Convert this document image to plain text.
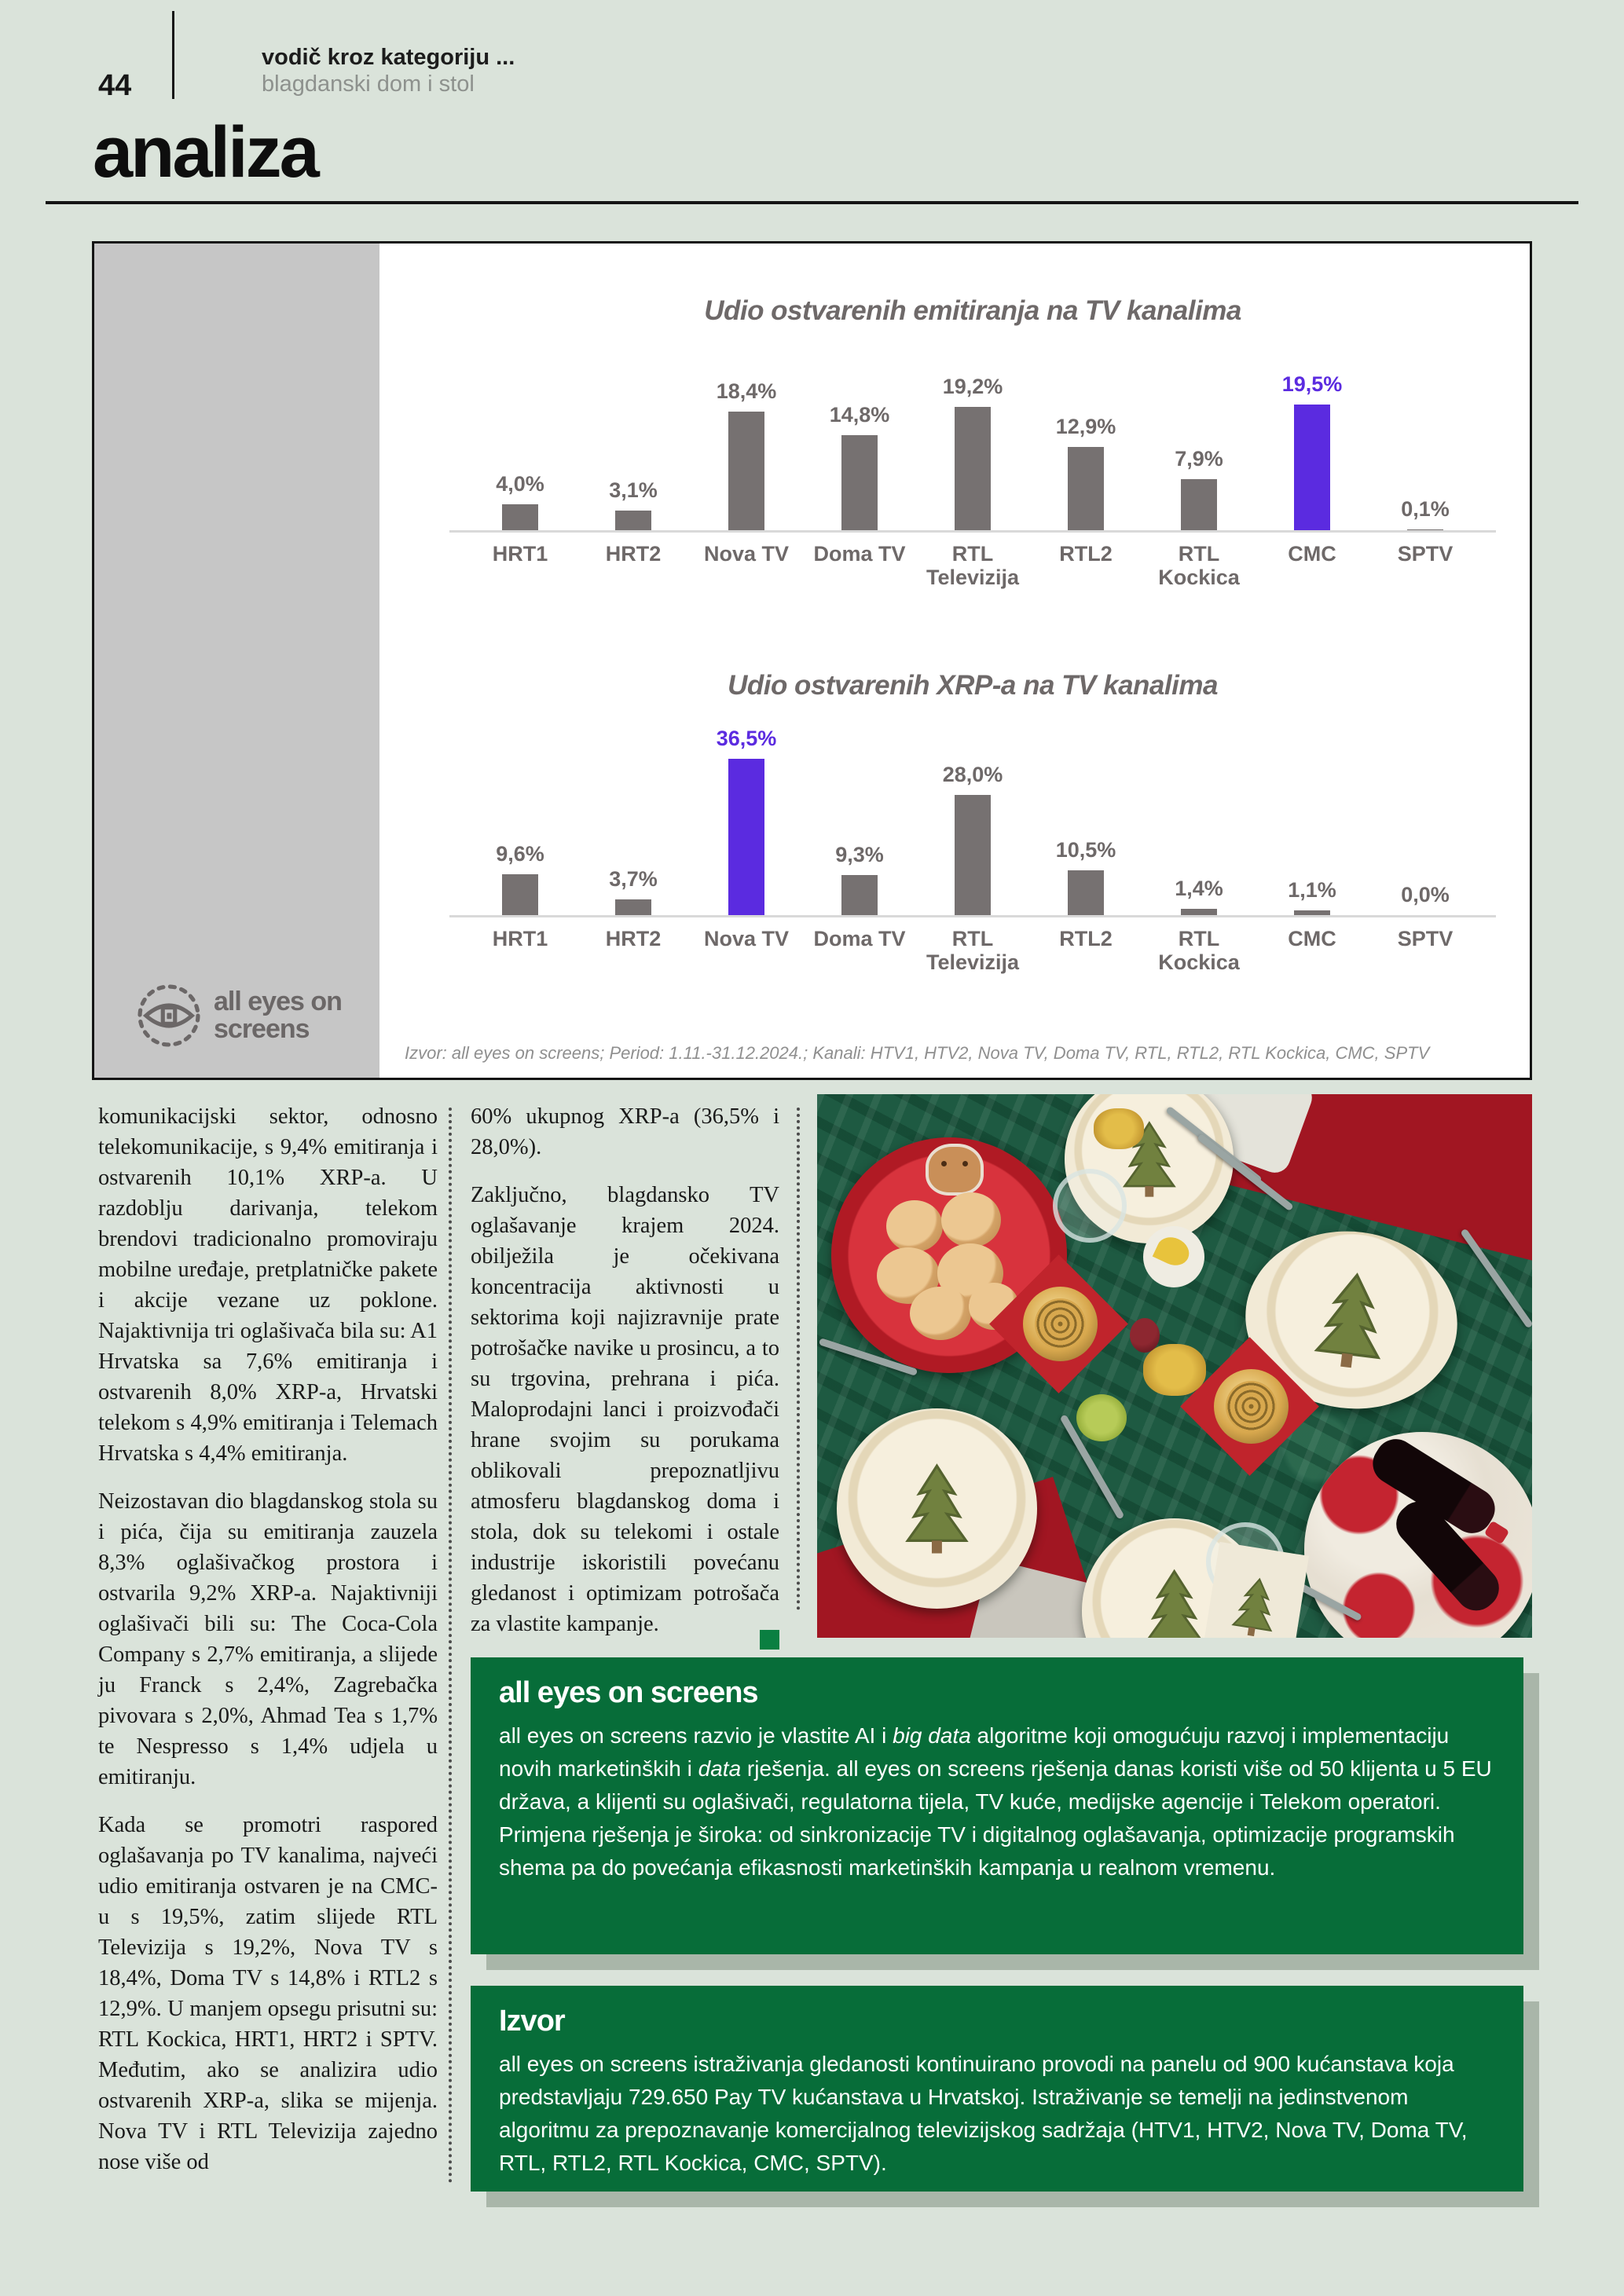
44
vodič kroz kategoriju ...
blagdanski dom i stol
analiza
all eyes on
screens
Udio ostvarenih emitiranja na TV kanalima
4,0%	3,1%
18,4%
14,8%
19,2%
12,9%
7,9%
19,5%
0,1%
HRT1	HRT2	Nova TV	Doma TV	RTL
Televizija
RTL2	RTL Kockica
CMC	SPTV
Udio ostvarenih XRP-a na TV kanalima
9,6%
3,7%
36,5%
9,3%
28,0%
10,5%
1,4%	1,1%	0,0%
HRT1	HRT2	Nova TV	Doma TV	RTL
Televizija
RTL2	RTL Kockica
CMC	SPTV
Izvor: all eyes on screens; Period: 1.11.-31.12.2024.; Kanali: HTV1, HTV2, Nova TV, Doma TV, RTL, RTL2, RTL Kockica, CMC, SPTV

komunikacijski sektor, odnosno telekomunikacije, s 9,4% emitiranja i ostvarenih 10,1% XRP-a. U razdoblju darivanja, telekom brendovi tradicionalno promoviraju mobilne uređaje, pretplatničke pakete i akcije vezane uz poklone. Najaktivnija tri oglašivača bila su: A1 Hrvatska sa 7,6% emitiranja i ostvarenih 8,0% XRP-a, Hrvatski telekom s 4,9% emitiranja i Telemach Hrvatska s 4,4% emitiranja.

Neizostavan dio blagdanskog stola su i pića, čija su emitiranja zauzela 8,3% oglašivačkog prostora i ostvarila 9,2% XRP-a. Najaktivniji oglašivači bili su: The Coca-Cola Company s 2,7% emitiranja, a slijede ju Franck s 2,4%, Zagrebačka pivovara s 2,0%, Ahmad Tea s 1,7% te Nespresso s 1,4% udjela u emitiranju.

Kada se promotri raspored oglašavanja po TV kanalima, najveći udio emitiranja ostvaren je na CMC-u s 19,5%, zatim slijede RTL Televizija s 19,2%, Nova TV s 18,4%, Doma TV s 14,8% i RTL2 s 12,9%. U manjem opsegu prisutni su: RTL Kockica, HRT1, HRT2 i SPTV. Međutim, ako se analizira udio ostvarenih XRP-a, slika se mijenja. Nova TV i RTL Televizija zajedno nose više od

60% ukupnog XRP-a (36,5% i 28,0%).

Zaključno, blagdansko TV oglašavanje krajem 2024. obilježila je očekivana koncentracija aktivnosti u sektorima koji najizravnije prate potrošačke navike u prosincu, a to su trgovina, prehrana i pića. Maloprodajni lanci i proizvođači hrane svojim su porukama oblikovali prepoznatljivu atmosferu blagdanskog doma i stola, dok su telekomi i ostale industrije iskoristili povećanu gledanost i optimizam potrošača za vlastite kampanje.

all eyes on screens
all eyes on screens razvio je vlastite AI i big data algoritme koji omogućuju razvoj i implementaciju novih marketinških i data rješenja. all eyes on screens rješenja danas koristi više od 50 klijenta u 5 EU država, a klijenti su oglašivači, regulatorna tijela, TV kuće, medijske agencije i Telekom operatori. Primjena rješenja je široka: od sinkronizacije TV i digitalnog oglašavanja, optimizacije programskih shema pa do povećanja efikasnosti marketinških kampanja u realnom vremenu.
Izvor
all eyes on screens istraživanja gledanosti kontinuirano provodi na panelu od 900 kućanstava koja predstavljaju 729.650 Pay TV kućanstava u Hrvatskoj. Istraživanje se temelji na jedinstvenom algoritmu za prepoznavanje komercijalnog televizijskog sadržaja (HTV1, HTV2, Nova TV, Doma TV, RTL, RTL2, RTL Kockica, CMC, SPTV).
